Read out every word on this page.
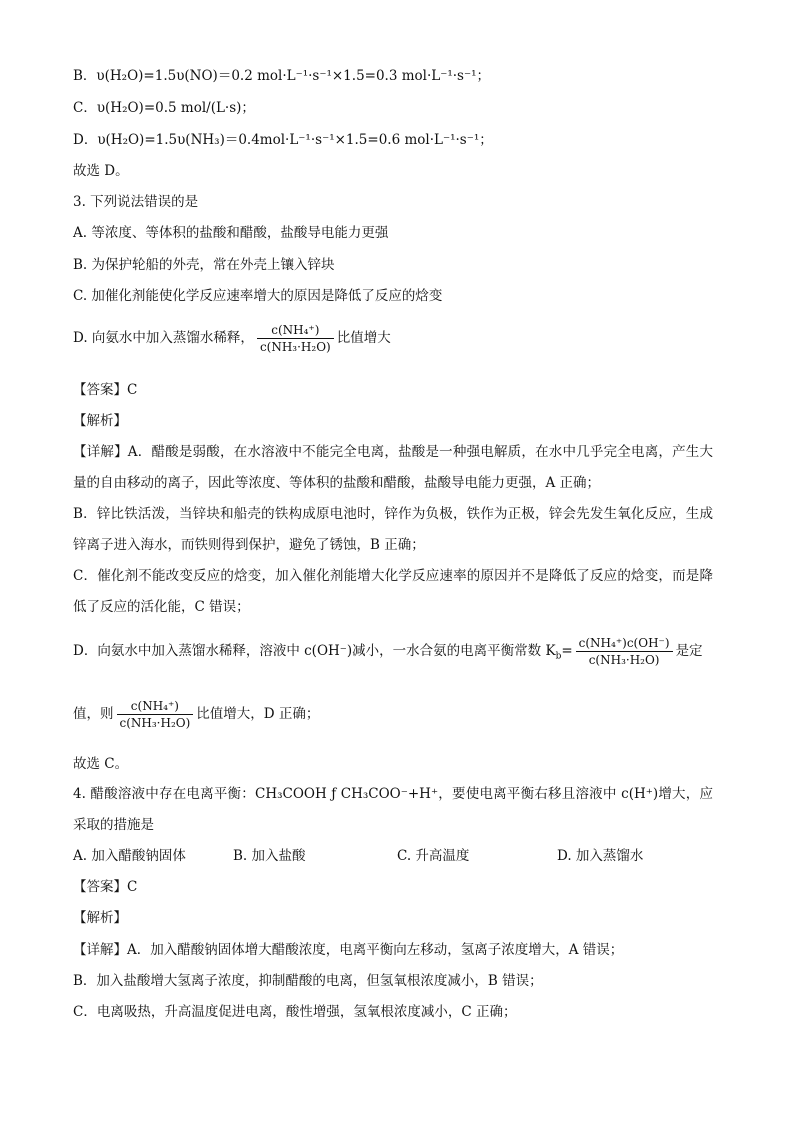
B．υ(H₂O)=1.5υ(NO)＝0.2 mol·L⁻¹·s⁻¹×1.5=0.3 mol·L⁻¹·s⁻¹；
C．υ(H₂O)=0.5 mol/(L·s)；
D．υ(H₂O)=1.5υ(NH₃)＝0.4mol·L⁻¹·s⁻¹×1.5=0.6 mol·L⁻¹·s⁻¹；
故选 D。
3. 下列说法错误的是
A. 等浓度、等体积的盐酸和醋酸，盐酸导电能力更强
B. 为保护轮船的外壳，常在外壳上镶入锌块
C. 加催化剂能使化学反应速率增大的原因是降低了反应的焓变
D. 向氨水中加入蒸馏水稀释， $\frac{\text{c(NH₄⁺)}}{\text{c(NH₃·H₂O)}}$ 比值增大
【答案】C
【解析】
【详解】A．醋酸是弱酸，在水溶液中不能完全电离，盐酸是一种强电解质，在水中几乎完全电离，产生大量的自由移动的离子，因此等浓度、等体积的盐酸和醋酸，盐酸导电能力更强，A 正确；
B．锌比铁活泼，当锌块和船壳的铁构成原电池时，锌作为负极，铁作为正极，锌会先发生氧化反应，生成锌离子进入海水，而铁则得到保护，避免了锈蚀，B 正确；
C．催化剂不能改变反应的焓变，加入催化剂能增大化学反应速率的原因并不是降低了反应的焓变，而是降低了反应的活化能，C 错误；
D．向氨水中加入蒸馏水稀释，溶液中 c(OH⁻)减小，一水合氨的电离平衡常数 $K_b= \frac{\text{c(NH₄⁺)c(OH⁻)}}{\text{c(NH₃·H₂O)}}$ 是定
值，则 $\frac{\text{c(NH₄⁺)}}{\text{c(NH₃·H₂O)}}$ 比值增大，D 正确；
故选 C。
4. 醋酸溶液中存在电离平衡：CH₃COOH ƒ CH₃COO⁻+H⁺，要使电离平衡右移且溶液中 c(H⁺)增大，应采取的措施是
A. 加入醋酸钠固体	B. 加入盐酸	C. 升高温度	D. 加入蒸馏水
【答案】C
【解析】
【详解】A．加入醋酸钠固体增大醋酸浓度，电离平衡向左移动，氢离子浓度增大，A 错误；
B．加入盐酸增大氢离子浓度，抑制醋酸的电离，但氢氧根浓度减小，B 错误；
C．电离吸热，升高温度促进电离，酸性增强，氢氧根浓度减小，C 正确；
